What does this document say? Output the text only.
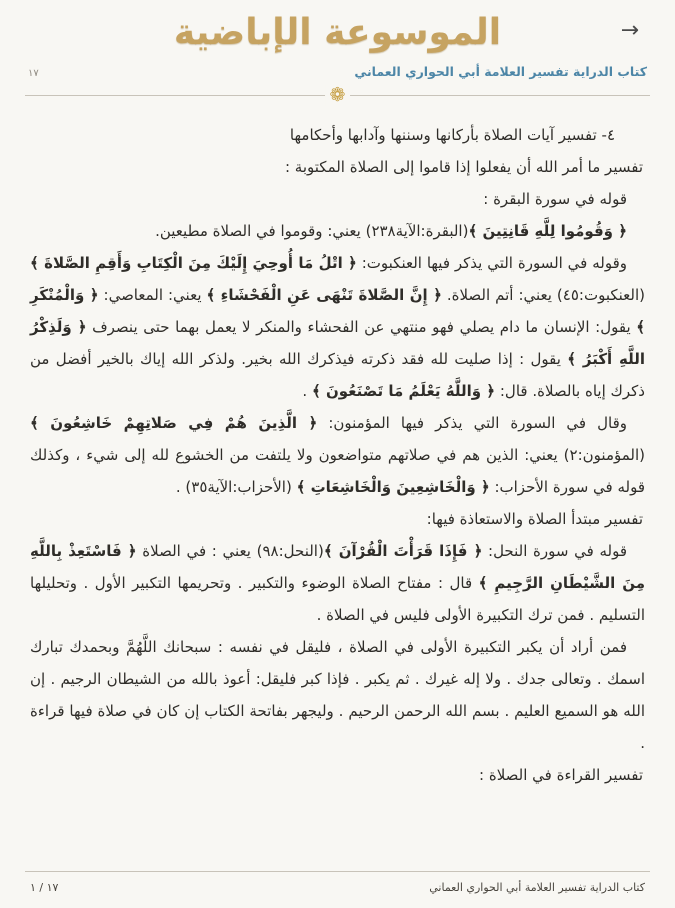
→
الموسوعة الإباضية
كتاب الدراية تفسير العلامة أبي الحواري العماني
١٧
❁

٤- تفسير آيات الصلاة بأركانها وسننها وآدابها وأحكامها

تفسير ما أمر الله أن يفعلوا إذا قاموا إلى الصلاة المكتوبة :

قوله في سورة البقرة :

﴿ وَقُومُوا لِلَّهِ قَانِتِينَ ﴾(البقرة:الآية٢٣٨) يعني: وقوموا في الصلاة مطيعين.

وقوله في السورة التي يذكر فيها العنكبوت: ﴿ اتْلُ مَا أُوحِيَ إِلَيْكَ مِنَ الْكِتَابِ وَأَقِمِ الصَّلاةَ ﴾ (العنكبوت:٤٥) يعني: أتم الصلاة. ﴿ إِنَّ الصَّلاةَ تَنْهَى عَنِ الْفَحْشَاءِ ﴾ يعني: المعاصي: ﴿ وَالْمُنْكَرِ ﴾ يقول: الإنسان ما دام يصلي فهو منتهي عن الفحشاء والمنكر لا يعمل بهما حتى ينصرف ﴿ وَلَذِكْرُ اللَّهِ أَكْبَرُ ﴾ يقول : إذا صليت لله فقد ذكرته فيذكرك الله بخير. ولذكر الله إياك بالخير أفضل من ذكرك إياه بالصلاة. قال: ﴿ وَاللَّهُ يَعْلَمُ مَا تَصْنَعُونَ ﴾ .

وقال في السورة التي يذكر فيها المؤمنون: ﴿ الَّذِينَ هُمْ فِي صَلاتِهِمْ خَاشِعُونَ ﴾ (المؤمنون:٢) يعني: الذين هم في صلاتهم متواضعون ولا يلتفت من الخشوع لله إلى شيء ، وكذلك قوله في سورة الأحزاب: ﴿ وَالْخَاشِعِينَ وَالْخَاشِعَاتِ ﴾ (الأحزاب:الآية٣٥) .

تفسير مبتدأ الصلاة والاستعاذة فيها:

قوله في سورة النحل: ﴿ فَإِذَا قَرَأْتَ الْقُرْآنَ ﴾(النحل:٩٨) يعني : في الصلاة ﴿ فَاسْتَعِذْ بِاللَّهِ مِنَ الشَّيْطَانِ الرَّجِيمِ ﴾ قال : مفتاح الصلاة الوضوء والتكبير . وتحريمها التكبير الأول . وتحليلها التسليم . فمن ترك التكبيرة الأولى فليس في الصلاة .

فمن أراد أن يكبر التكبيرة الأولى في الصلاة ، فليقل في نفسه : سبحانك اللَّهُمَّ وبحمدك تبارك اسمك . وتعالى جدك . ولا إله غيرك . ثم يكبر . فإذا كبر فليقل: أعوذ بالله من الشيطان الرجيم . إن الله هو السميع العليم . بسم الله الرحمن الرحيم . وليجهر بفاتحة الكتاب إن كان في صلاة فيها قراءة .

تفسير القراءة في الصلاة :

كتاب الدراية تفسير العلامة أبي الحواري العماني
١٧ / ١
